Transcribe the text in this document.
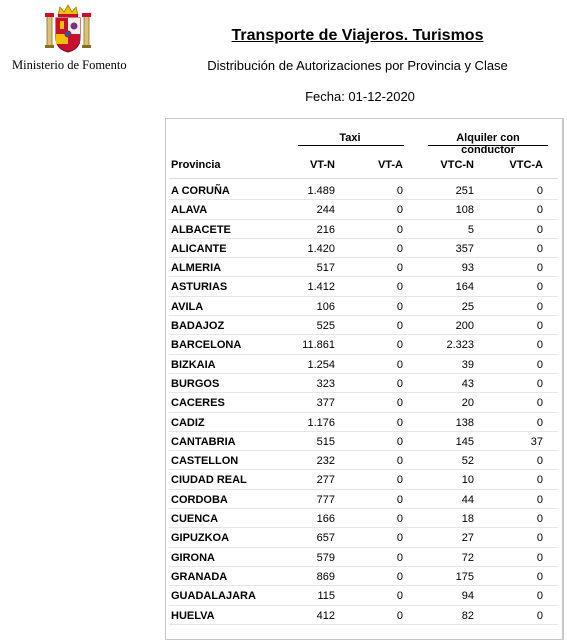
Ministerio de Fomento
Transporte de Viajeros. Turismos
Distribución de Autorizaciones por Provincia y Clase
Fecha: 01-12-2020
Taxi	Alquiler con conductor
Provincia	VT-N	VT-A	VTC-N	VTC-A
A CORUÑA	1.489	0	251	0
ALAVA	244	0	108	0
ALBACETE	216	0	5	0
ALICANTE	1.420	0	357	0
ALMERIA	517	0	93	0
ASTURIAS	1.412	0	164	0
AVILA	106	0	25	0
BADAJOZ	525	0	200	0
BARCELONA	11.861	0	2.323	0
BIZKAIA	1.254	0	39	0
BURGOS	323	0	43	0
CACERES	377	0	20	0
CADIZ	1.176	0	138	0
CANTABRIA	515	0	145	37
CASTELLON	232	0	52	0
CIUDAD REAL	277	0	10	0
CORDOBA	777	0	44	0
CUENCA	166	0	18	0
GIPUZKOA	657	0	27	0
GIRONA	579	0	72	0
GRANADA	869	0	175	0
GUADALAJARA	115	0	94	0
HUELVA	412	0	82	0
